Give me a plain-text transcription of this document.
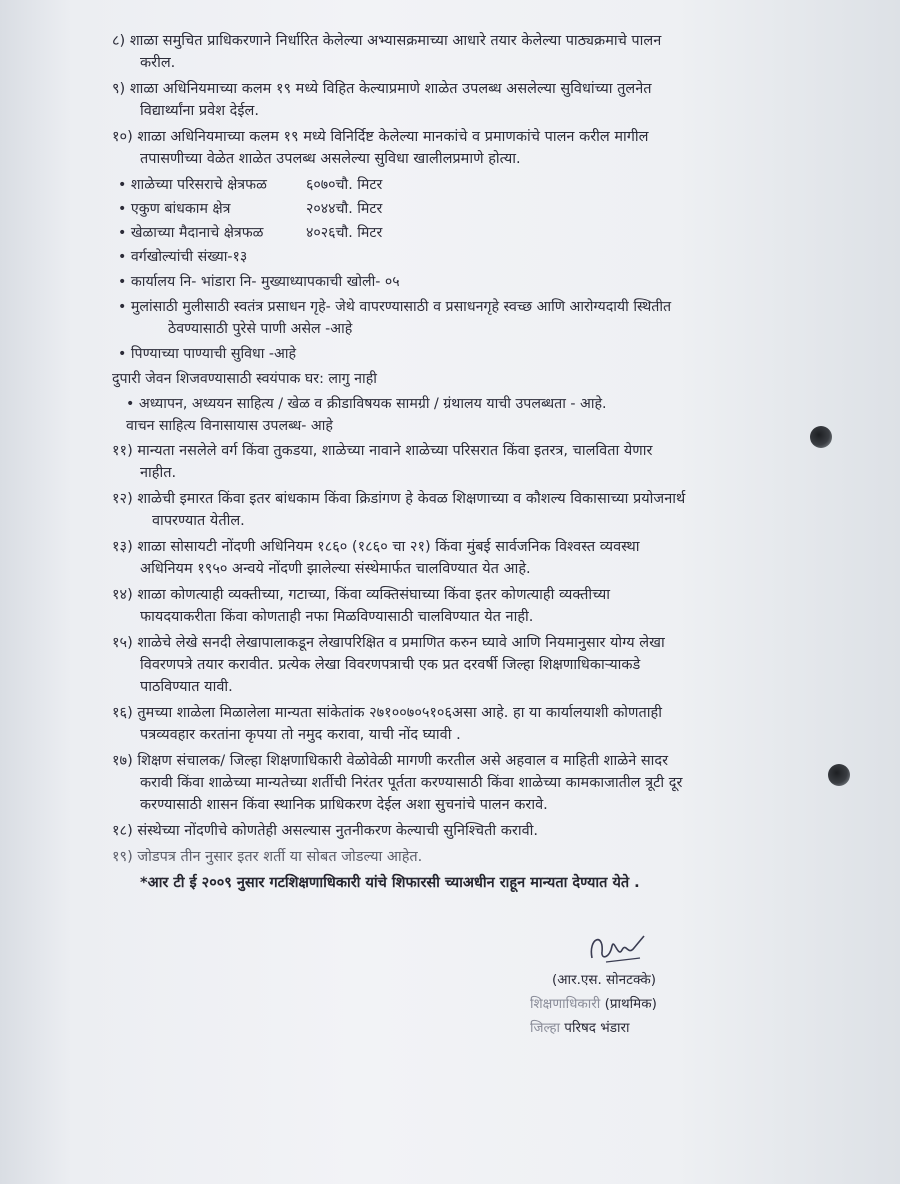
८) शाळा समुचित प्राधिकरणाने निर्धारित केलेल्या अभ्यासक्रमाच्या आधारे तयार केलेल्या पाठ्यक्रमाचे पालन
करील.
९) शाळा अधिनियमाच्या कलम १९ मध्ये विहित केल्याप्रमाणे शाळेत उपलब्ध असलेल्या सुविधांच्या तुलनेत
विद्यार्थ्यांना प्रवेश देईल.
१०) शाळा अधिनियमाच्या कलम १९ मध्ये विनिर्दिष्ट केलेल्या मानकांचे व प्रमाणकांचे पालन करील मागील
तपासणीच्या वेळेत शाळेत उपलब्ध असलेल्या सुविधा खालीलप्रमाणे होत्या.
• शाळेच्या परिसराचे क्षेत्रफळ	६०७०चौ. मिटर
• एकुण बांधकाम क्षेत्र	२०४४चौ. मिटर
• खेळाच्या मैदानाचे क्षेत्रफळ	४०२६चौ. मिटर
• वर्गखोल्यांची संख्या-१३
• कार्यालय नि- भांडारा नि- मुख्याध्यापकाची खोली- ०५
• मुलांसाठी मुलीसाठी स्वतंत्र प्रसाधन गृहे- जेथे वापरण्यासाठी व प्रसाधनगृहे स्वच्छ आणि आरोग्यदायी स्थितीत
ठेवण्यासाठी पुरेसे पाणी असेल -आहे
• पिण्याच्या पाण्याची सुविधा -आहे
दुपारी जेवन शिजवण्यासाठी स्वयंपाक घर: लागु नाही
• अध्यापन, अध्ययन साहित्य / खेळ व क्रीडाविषयक सामग्री / ग्रंथालय याची उपलब्धता - आहे.
वाचन साहित्य विनासायास उपलब्ध- आहे
११) मान्यता नसलेले वर्ग किंवा तुकडया, शाळेच्या नावाने शाळेच्या परिसरात किंवा इतरत्र, चालविता येणार
नाहीत.
१२) शाळेची इमारत किंवा इतर बांधकाम किंवा क्रिडांगण हे केवळ शिक्षणाच्या व कौशल्य विकासाच्या प्रयोजनार्थ
वापरण्यात येतील.
१३) शाळा सोसायटी नोंदणी अधिनियम १८६० (१८६० चा २१) किंवा मुंबई सार्वजनिक विश्वस्त व्यवस्था
अधिनियम १९५० अन्वये नोंदणी झालेल्या संस्थेमार्फत चालविण्यात येत आहे.
१४) शाळा कोणत्याही व्यक्तीच्या, गटाच्या, किंवा व्यक्तिसंघाच्या किंवा इतर कोणत्याही व्यक्तीच्या
फायदयाकरीता किंवा कोणताही नफा मिळविण्यासाठी चालविण्यात येत नाही.
१५) शाळेचे लेखे सनदी लेखापालाकडून लेखापरिक्षित व प्रमाणित करुन घ्यावे आणि नियमानुसार योग्य लेखा
विवरणपत्रे तयार करावीत. प्रत्येक लेखा विवरणपत्राची एक प्रत दरवर्षी जिल्हा शिक्षणाधिकाऱ्याकडे
पाठविण्यात यावी.
१६) तुमच्या शाळेला मिळालेला मान्यता सांकेतांक २७१००७०५१०६असा आहे. हा या कार्यालयाशी कोणताही
पत्रव्यवहार करतांना कृपया तो नमुद करावा, याची नोंद घ्यावी .
१७) शिक्षण संचालक/ जिल्हा शिक्षणाधिकारी वेळोवेळी मागणी करतील असे अहवाल व माहिती शाळेने सादर
करावी किंवा शाळेच्या मान्यतेच्या शर्तीची निरंतर पूर्तता करण्यासाठी किंवा शाळेच्या कामकाजातील त्रूटी दूर
करण्यासाठी शासन किंवा स्थानिक प्राधिकरण देईल अशा सुचनांचे पालन करावे.
१८) संस्थेच्या नोंदणीचे कोणतेही असल्यास नुतनीकरण केल्याची सुनिश्चिती करावी.
१९) जोडपत्र तीन नुसार इतर शर्ती या सोबत जोडल्या आहेत.
*आर टी ई २००९ नुसार गटशिक्षणाधिकारी यांचे शिफारसी च्याअधीन राहून मान्यता देण्यात येते .
(आर.एस. सोनटक्के)
शिक्षणाधिकारी (प्राथमिक)
जिल्हा परिषद भंडारा
